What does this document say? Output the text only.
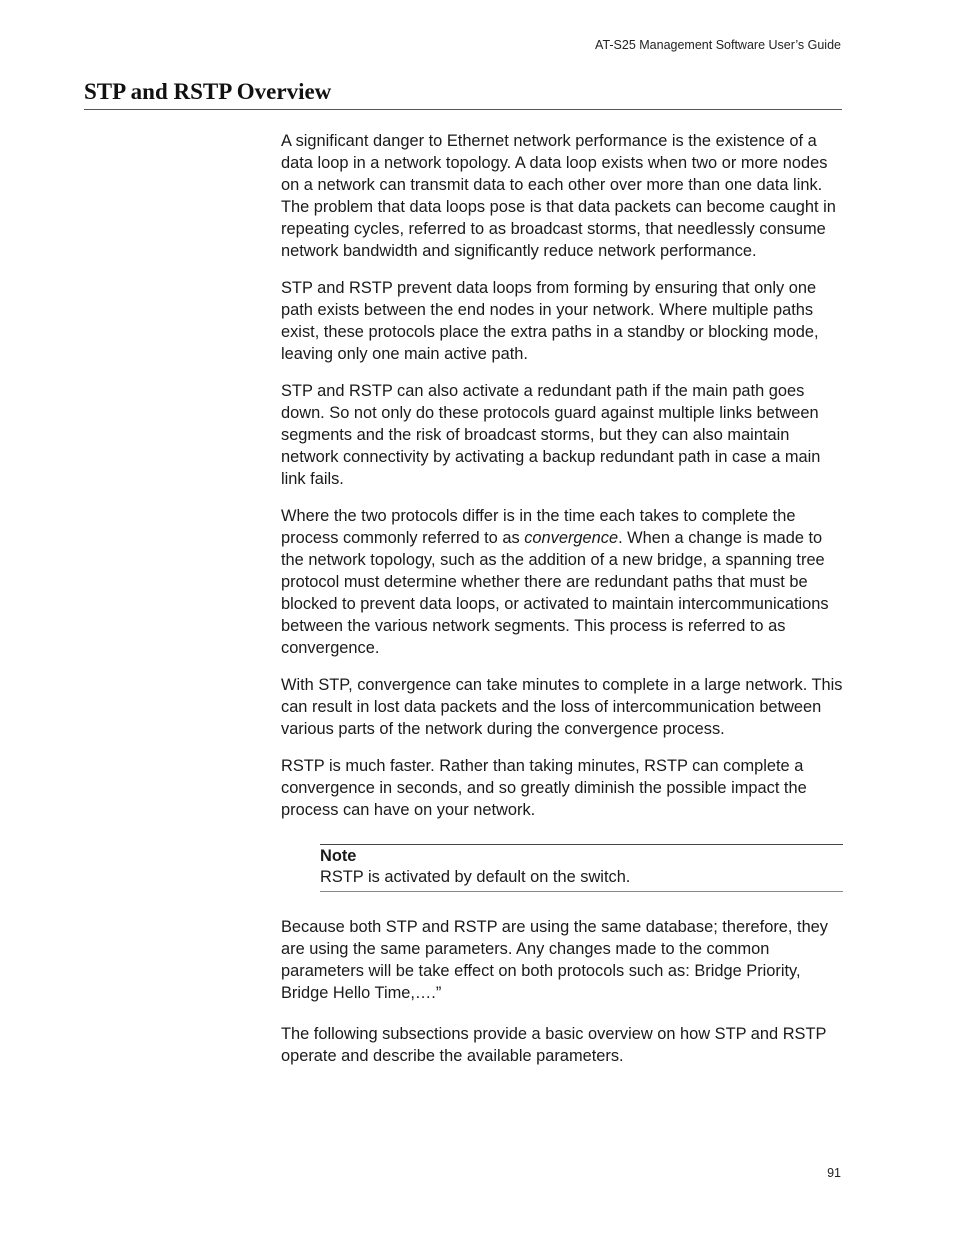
AT-S25 Management Software User’s Guide
STP and RSTP Overview

A significant danger to Ethernet network performance is the existence of a data loop in a network topology. A data loop exists when two or more nodes on a network can transmit data to each other over more than one data link. The problem that data loops pose is that data packets can become caught in repeating cycles, referred to as broadcast storms, that needlessly consume network bandwidth and significantly reduce network performance.

STP and RSTP prevent data loops from forming by ensuring that only one path exists between the end nodes in your network. Where multiple paths exist, these protocols place the extra paths in a standby or blocking mode, leaving only one main active path.

STP and RSTP can also activate a redundant path if the main path goes down. So not only do these protocols guard against multiple links between segments and the risk of broadcast storms, but they can also maintain network connectivity by activating a backup redundant path in case a main link fails.

Where the two protocols differ is in the time each takes to complete the process commonly referred to as convergence. When a change is made to the network topology, such as the addition of a new bridge, a spanning tree protocol must determine whether there are redundant paths that must be blocked to prevent data loops, or activated to maintain intercommunications between the various network segments. This process is referred to as convergence.

With STP, convergence can take minutes to complete in a large network. This can result in lost data packets and the loss of intercommunication between various parts of the network during the convergence process.

RSTP is much faster. Rather than taking minutes, RSTP can complete a convergence in seconds, and so greatly diminish the possible impact the process can have on your network.

Note
RSTP is activated by default on the switch.

Because both STP and RSTP are using the same database; therefore, they are using the same parameters. Any changes made to the common parameters will be take effect on both protocols such as: Bridge Priority, Bridge Hello Time,….”

The following subsections provide a basic overview on how STP and RSTP operate and describe the available parameters.

91
